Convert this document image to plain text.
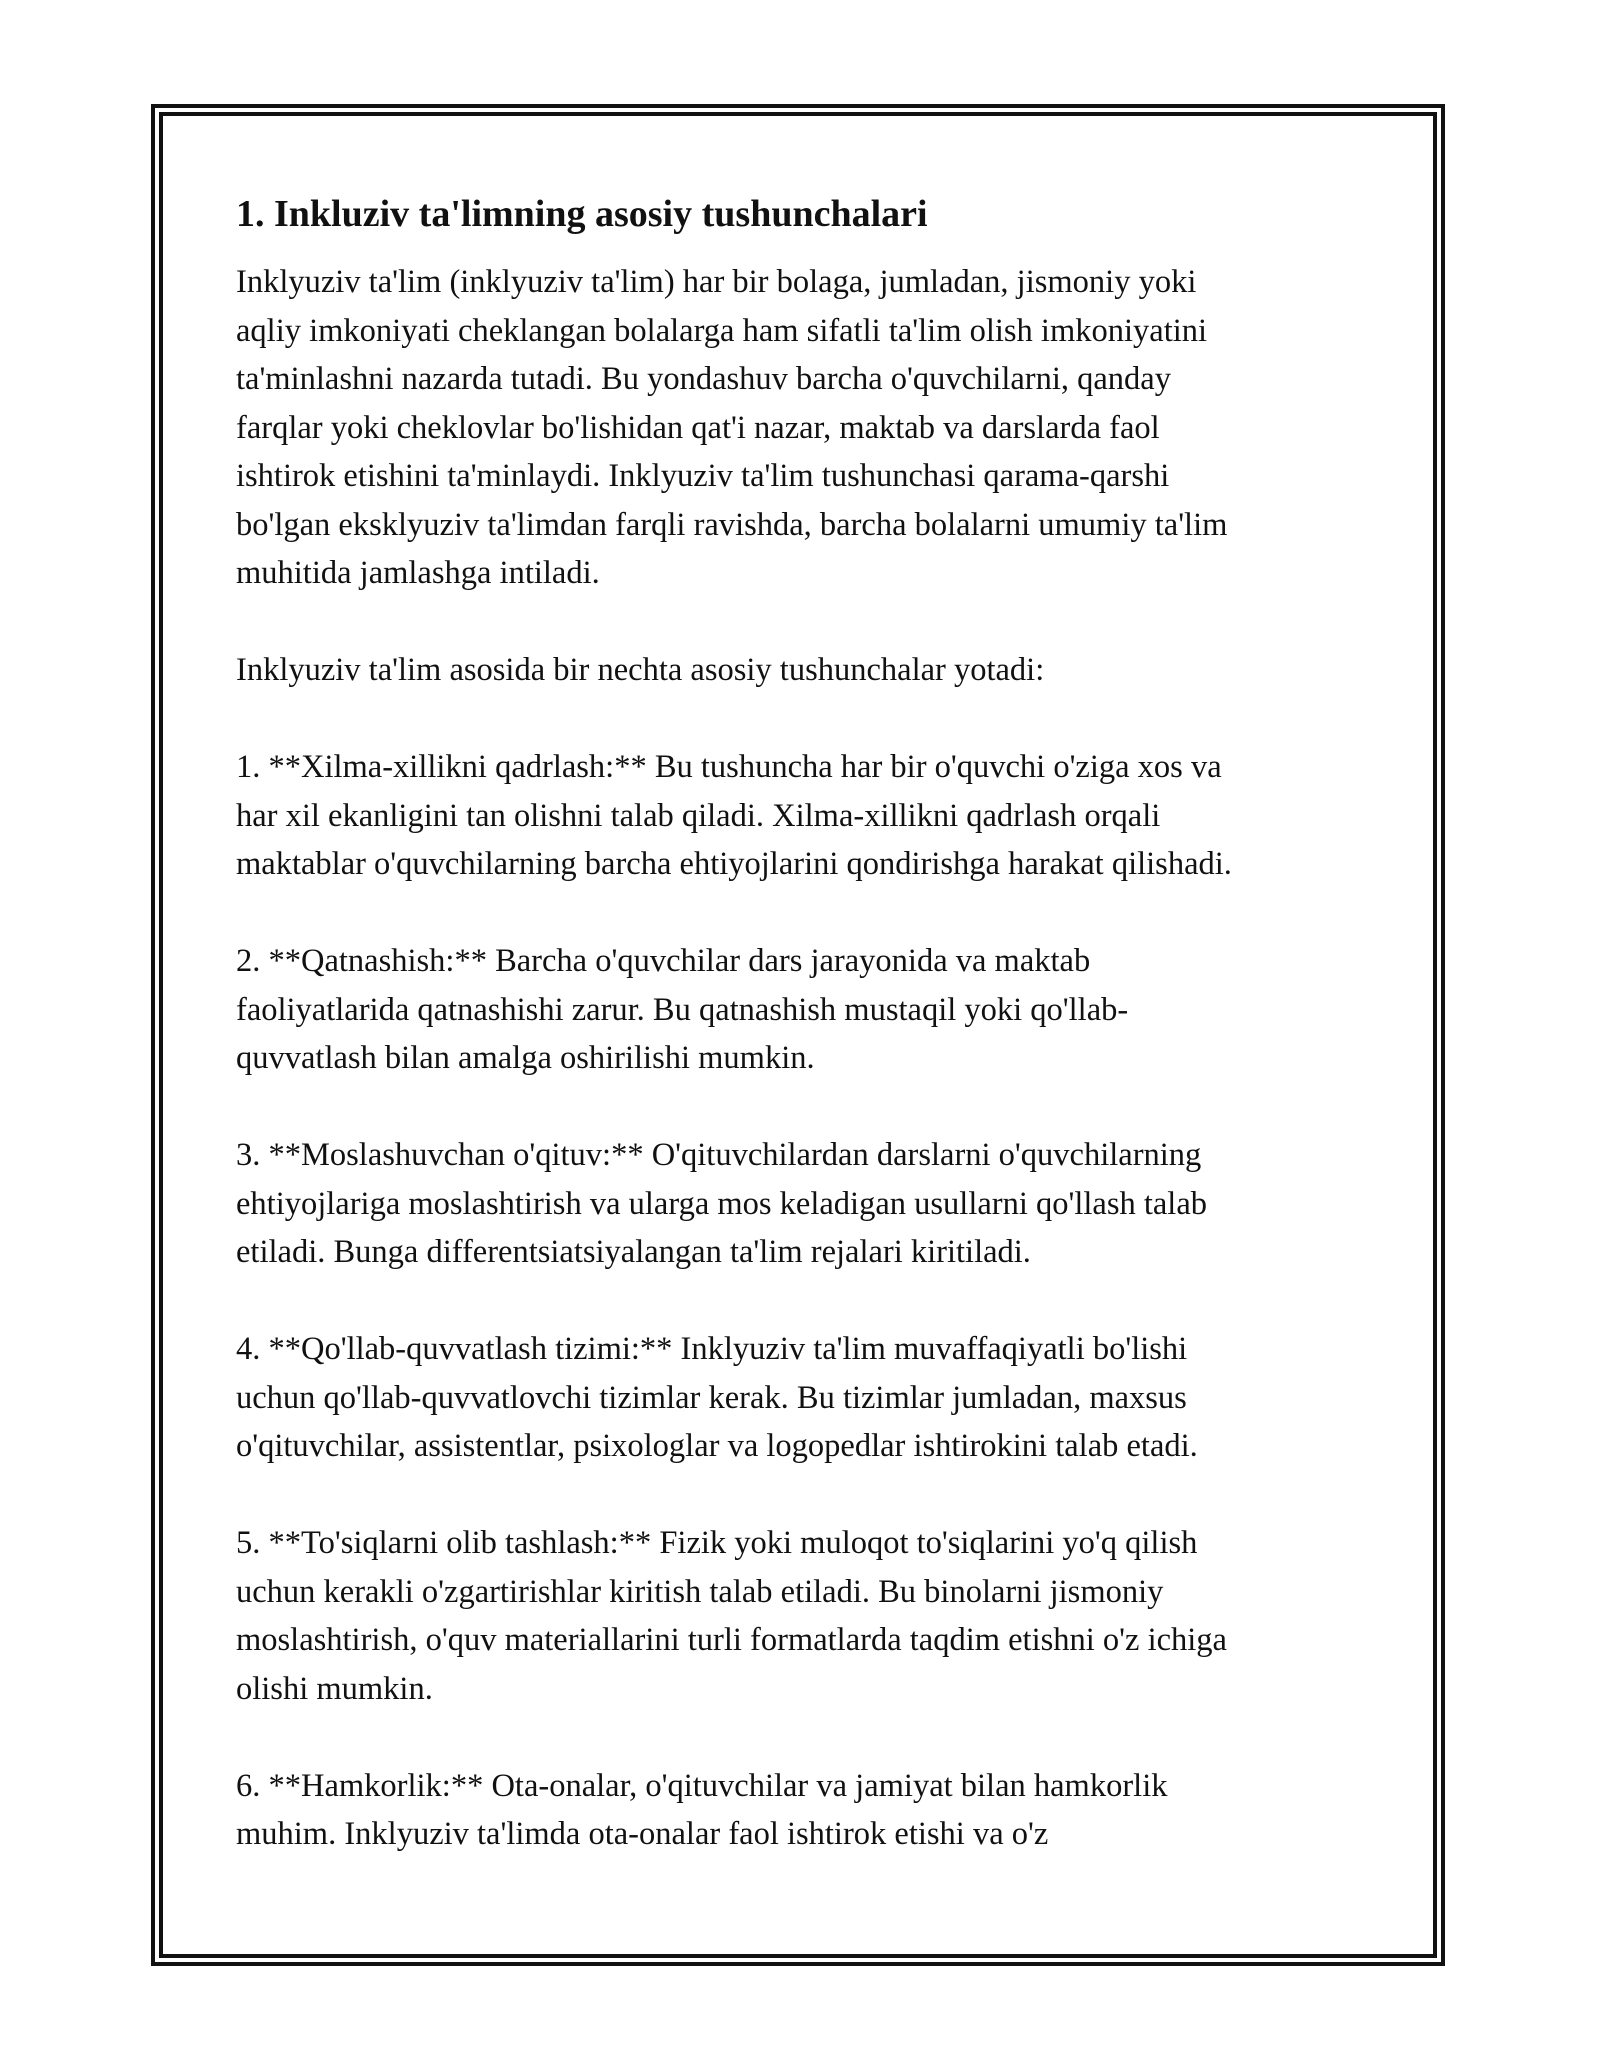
1. Inkluziv ta'limning asosiy tushunchalari

Inklyuziv ta'lim (inklyuziv ta'lim) har bir bolaga, jumladan, jismoniy yoki
aqliy imkoniyati cheklangan bolalarga ham sifatli ta'lim olish imkoniyatini
ta'minlashni nazarda tutadi. Bu yondashuv barcha o'quvchilarni, qanday
farqlar yoki cheklovlar bo'lishidan qat'i nazar, maktab va darslarda faol
ishtirok etishini ta'minlaydi. Inklyuziv ta'lim tushunchasi qarama-qarshi
bo'lgan eksklyuziv ta'limdan farqli ravishda, barcha bolalarni umumiy ta'lim
muhitida jamlashga intiladi.

Inklyuziv ta'lim asosida bir nechta asosiy tushunchalar yotadi:

1. **Xilma-xillikni qadrlash:** Bu tushuncha har bir o'quvchi o'ziga xos va
har xil ekanligini tan olishni talab qiladi. Xilma-xillikni qadrlash orqali
maktablar o'quvchilarning barcha ehtiyojlarini qondirishga harakat qilishadi.

2. **Qatnashish:** Barcha o'quvchilar dars jarayonida va maktab
faoliyatlarida qatnashishi zarur. Bu qatnashish mustaqil yoki qo'llab-
quvvatlash bilan amalga oshirilishi mumkin.

3. **Moslashuvchan o'qituv:** O'qituvchilardan darslarni o'quvchilarning
ehtiyojlariga moslashtirish va ularga mos keladigan usullarni qo'llash talab
etiladi. Bunga differentsiatsiyalangan ta'lim rejalari kiritiladi.

4. **Qo'llab-quvvatlash tizimi:** Inklyuziv ta'lim muvaffaqiyatli bo'lishi
uchun qo'llab-quvvatlovchi tizimlar kerak. Bu tizimlar jumladan, maxsus
o'qituvchilar, assistentlar, psixologlar va logopedlar ishtirokini talab etadi.

5. **To'siqlarni olib tashlash:** Fizik yoki muloqot to'siqlarini yo'q qilish
uchun kerakli o'zgartirishlar kiritish talab etiladi. Bu binolarni jismoniy
moslashtirish, o'quv materiallarini turli formatlarda taqdim etishni o'z ichiga
olishi mumkin.

6. **Hamkorlik:** Ota-onalar, o'qituvchilar va jamiyat bilan hamkorlik
muhim. Inklyuziv ta'limda ota-onalar faol ishtirok etishi va o'z
